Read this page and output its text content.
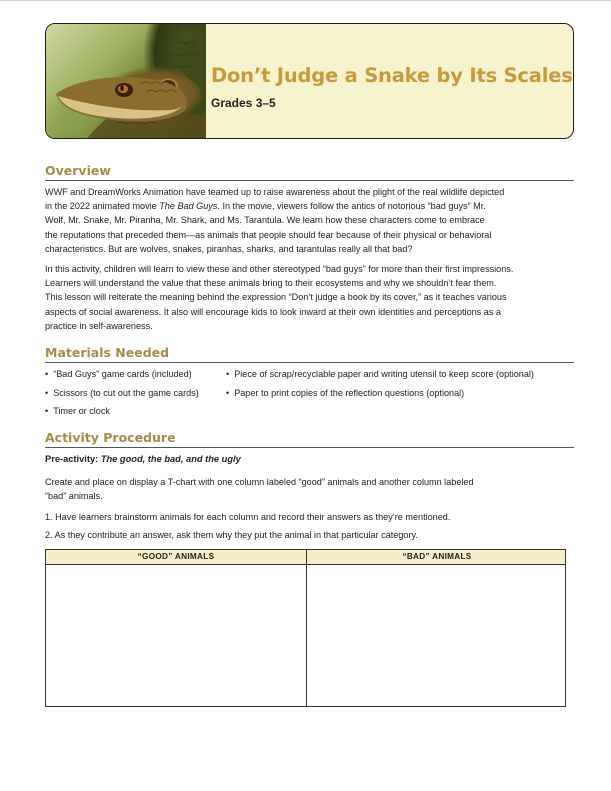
Don’t Judge a Snake by Its Scales
Grades 3–5
Overview
WWF and DreamWorks Animation have teamed up to raise awareness about the plight of the real wildlife depicted
in the 2022 animated movie The Bad Guys. In the movie, viewers follow the antics of notorious “bad guys” Mr.
Wolf, Mr. Snake, Mr. Piranha, Mr. Shark, and Ms. Tarantula. We learn how these characters come to embrace
the reputations that preceded them—as animals that people should fear because of their physical or behavioral
characteristics. But are wolves, snakes, piranhas, sharks, and tarantulas really all that bad?
In this activity, children will learn to view these and other stereotyped “bad guys” for more than their first impressions.
Learners will understand the value that these animals bring to their ecosystems and why we shouldn’t fear them.
This lesson will reiterate the meaning behind the expression “Don’t judge a book by its cover,” as it teaches various
aspects of social awareness. It also will encourage kids to look inward at their own identities and perceptions as a
practice in self-awareness.
Materials Needed
• “Bad Guys” game cards (included)
• Scissors (to cut out the game cards)
• Timer or clock
• Piece of scrap/recyclable paper and writing utensil to keep score (optional)
• Paper to print copies of the reflection questions (optional)
Activity Procedure
Pre-activity: The good, the bad, and the ugly
Create and place on display a T-chart with one column labeled “good” animals and another column labeled
“bad” animals.
1. Have learners brainstorm animals for each column and record their answers as they’re mentioned.
2. As they contribute an answer, ask them why they put the animal in that particular category.
“GOOD” ANIMALS	“BAD” ANIMALS
